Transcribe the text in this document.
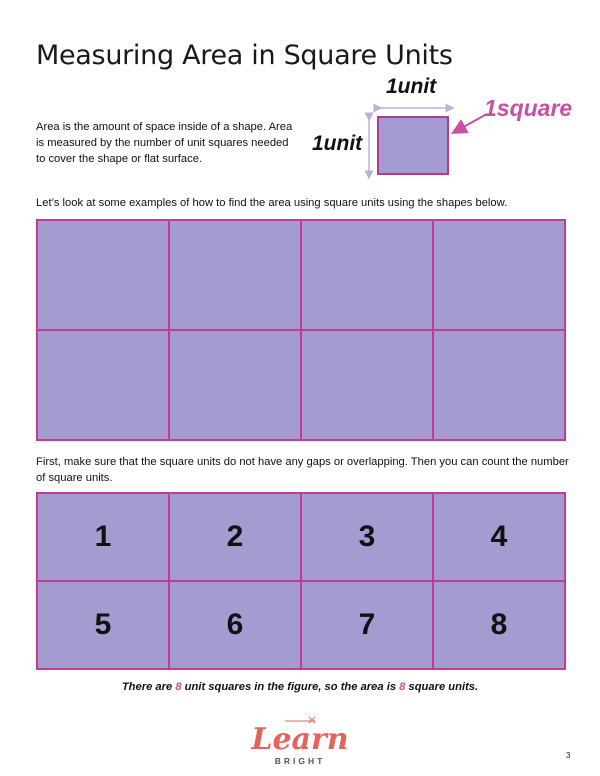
Measuring Area in Square Units
Area is the amount of space inside of a shape. Area is measured by the number of unit squares needed to cover the shape or flat surface.
1unit
1unit
1square
Let’s look at some examples of how to find the area using square units using the shapes below.
First, make sure that the square units do not have any gaps or overlapping. Then you can count the number of square units.
1	2	3	4
5	6	7	8
There are 8 unit squares in the figure, so the area is 8 square units.
Learn
BRIGHT
3
